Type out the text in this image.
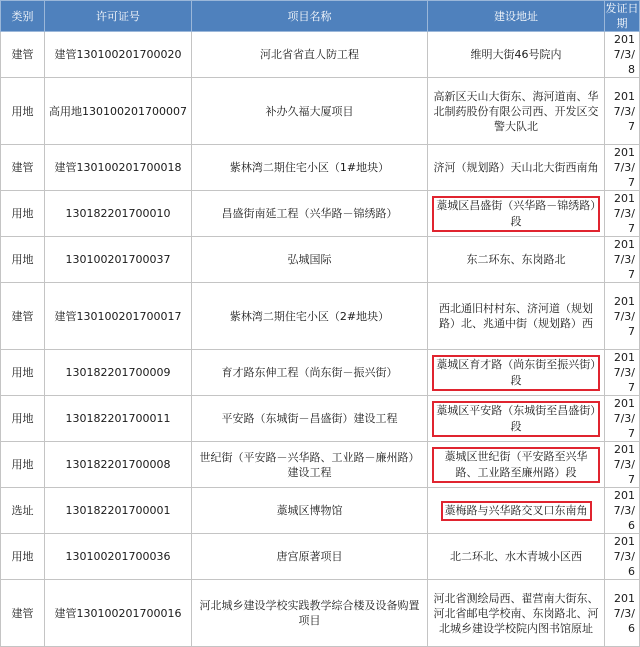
类别	许可证号	项目名称	建设地址	发证日期
建管	建管130100201700020	河北省省直人防工程	维明大街46号院内	2017/3/8
用地	高用地130100201700007	补办久福大厦项目	高新区天山大街东、海河道南、华北制药股份有限公司西、开发区交警大队北	2017/3/7
建管	建管130100201700018	紫林湾二期住宅小区（1#地块）	济河（规划路）天山北大街西南角	2017/3/7
用地	130182201700010	昌盛街南延工程（兴华路－锦绣路）	藁城区昌盛街（兴华路－锦绣路）段	2017/3/7
用地	130100201700037	弘城国际	东二环东、东岗路北	2017/3/7
建管	建管130100201700017	紫林湾二期住宅小区（2#地块）	西北通旧村村东、济河道（规划路）北、兆通中街（规划路）西	2017/3/7
用地	130182201700009	育才路东伸工程（尚东街－振兴街）	藁城区育才路（尚东街至振兴街）段	2017/3/7
用地	130182201700011	平安路（东城街－昌盛街）建设工程	藁城区平安路（东城街至昌盛街）段	2017/3/7
用地	130182201700008	世纪街（平安路－兴华路、工业路－廉州路）建设工程	藁城区世纪街（平安路至兴华路、工业路至廉州路）段	2017/3/7
选址	130182201700001	藁城区博物馆	藁梅路与兴华路交叉口东南角	2017/3/6
用地	130100201700036	唐宫原著项目	北二环北、水木青城小区西	2017/3/6
建管	建管130100201700016	河北城乡建设学校实践教学综合楼及设备购置项目	河北省测绘局西、翟营南大街东、河北省邮电学校南、东岗路北、河北城乡建设学校院内图书馆原址	2017/3/6
